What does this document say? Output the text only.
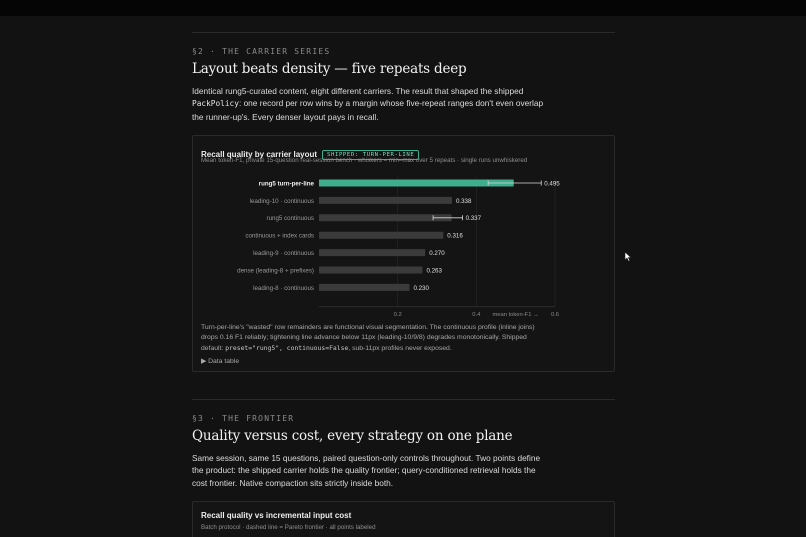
§2 · THE CARRIER SERIES
Layout beats density — five repeats deep

Identical rung5-curated content, eight different carriers. The result that shaped the shipped PackPolicy: one record per row wins by a margin whose five-repeat ranges don't even overlap the runner-up's. Every denser layout pays in recall.

Recall quality by carrier layout SHIPPED: TURN-PER-LINE
Mean token-F1, private 15-question real-session bench · whiskers = min–max over 5 repeats · single runs unwhiskered
rung5 turn-per-line	0.495
leading-10 · continuous	0.338
rung5 continuous	0.337
continuous + index cards	0.316
leading-9 · continuous	0.270
dense (leading-8 + prefixes)	0.263
leading-8 · continuous	0.230
0.2	0.4	0.6
mean token-F1 →

Turn-per-line's "wasted" row remainders are functional visual segmentation. The continuous profile (inline joins) drops 0.16 F1 reliably; tightening line advance below 11px (leading-10/9/8) degrades monotonically. Shipped default: preset="rung5", continuous=False, sub-11px profiles never exposed.

▶ Data table
§3 · THE FRONTIER
Quality versus cost, every strategy on one plane

Same session, same 15 questions, paired question-only controls throughout. Two points define the product: the shipped carrier holds the quality frontier; query-conditioned retrieval holds the cost frontier. Native compaction sits strictly inside both.

Recall quality vs incremental input cost
Batch protocol · dashed line = Pareto frontier · all points labeled
